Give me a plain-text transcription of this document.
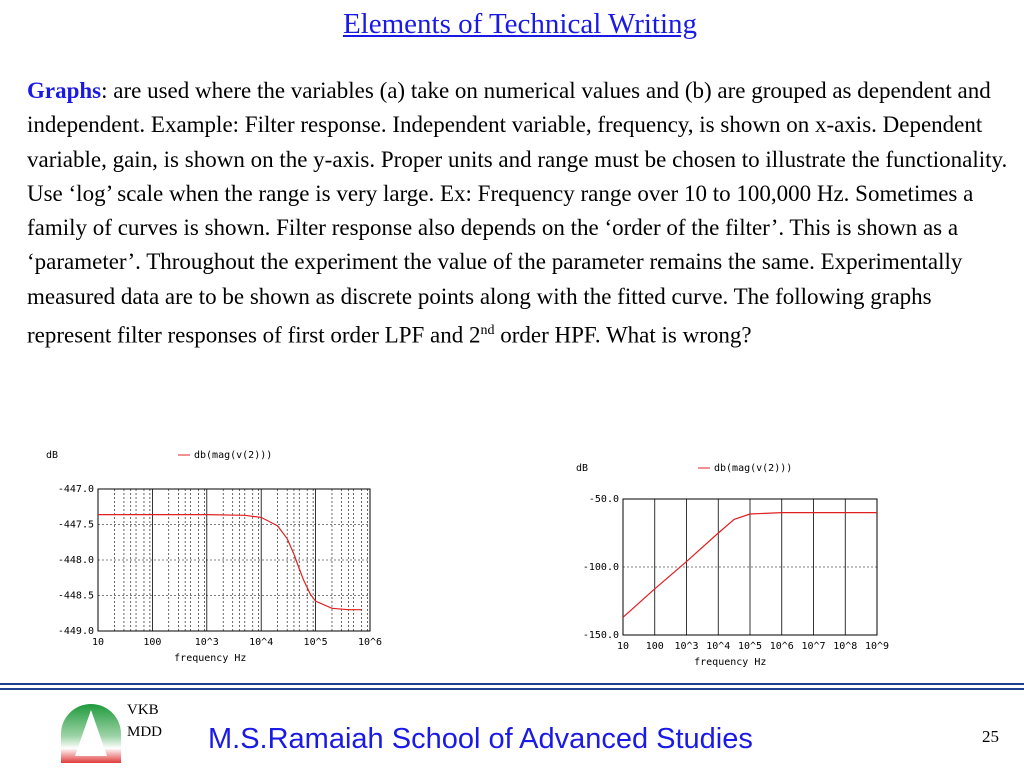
Elements of Technical Writing
Graphs: are used where the variables (a) take on numerical values and (b) are grouped as dependent and independent. Example: Filter response. Independent variable, frequency, is shown on x-axis. Dependent variable, gain, is shown on the y-axis. Proper units and range must be chosen to illustrate the functionality. Use ‘log’ scale when the range is very large. Ex: Frequency range over 10 to 100,000 Hz. Sometimes a family of curves is shown. Filter response also depends on the ‘order of the filter’. This is shown as a ‘parameter’. Throughout the experiment the value of the parameter remains the same. Experimentally measured data are to be shown as discrete points along with the fitted curve. The following graphs represent filter responses of first order LPF and 2nd order HPF. What is wrong?
dB	db(mag(v(2)))
-447.0
-447.5
-448.0
-448.5
-449.0
10	100	10^3	10^4	10^5	10^6
frequency Hz
dB	db(mag(v(2)))
-50.0
-100.0
-150.0
10 100 10^3 10^4 10^5 10^6 10^7 10^8 10^9
frequency Hz
VKB
MDD M.S.Ramaiah School of Advanced Studies	25
